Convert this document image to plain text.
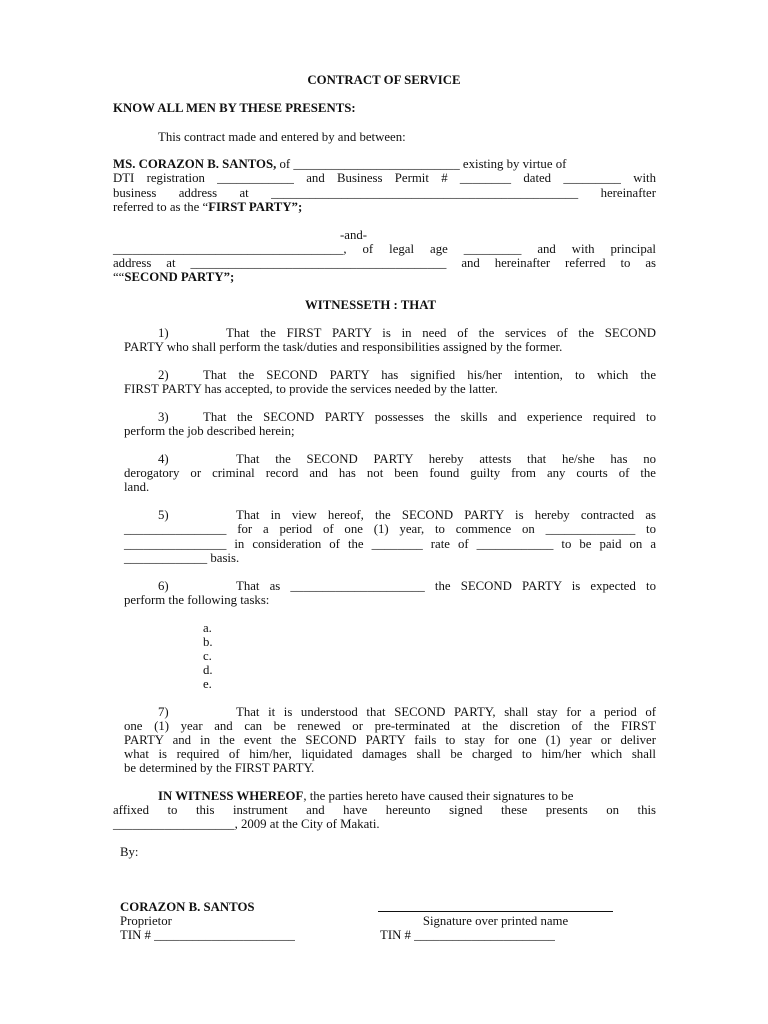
CONTRACT OF SERVICE
KNOW ALL MEN BY THESE PRESENTS:
This contract made and entered by and between:
MS. CORAZON B. SANTOS, of __________________________ existing by virtue of
DTI registration ____________ and Business Permit # ________ dated _________ with
business address at ________________________________________________ hereinafter
referred to as the “FIRST PARTY”;
-and-
____________________________________, of legal age _________ and with principal
address at ________________________________________ and hereinafter referred to as
““SECOND PARTY”;
WITNESSETH : THAT
1)	That the FIRST PARTY is in need of the services of the SECOND
PARTY who shall perform the task/duties and responsibilities assigned by the former.
2)	That the SECOND PARTY has signified his/her intention, to which the
FIRST PARTY has accepted, to provide the services needed by the latter.
3)	That the SECOND PARTY possesses the skills and experience required to
perform the job described herein;
4)	That the SECOND PARTY hereby attests that he/she has no
derogatory or criminal record and has not been found guilty from any courts of the
land.
5)	That in view hereof, the SECOND PARTY is hereby contracted as
________________ for a period of one (1) year, to commence on ______________ to
________________ in consideration of the ________ rate of ____________ to be paid on a
_____________ basis.
6)	That as _____________________ the SECOND PARTY is expected to
perform the following tasks:
a.
b.
c.
d.
e.
7)	That it is understood that SECOND PARTY, shall stay for a period of
one (1) year and can be renewed or pre-terminated at the discretion of the FIRST
PARTY and in the event the SECOND PARTY fails to stay for one (1) year or deliver
what is required of him/her, liquidated damages shall be charged to him/her which shall
be determined by the FIRST PARTY.
IN WITNESS WHEREOF, the parties hereto have caused their signatures to be
affixed to this instrument and have hereunto signed these presents on this
___________________, 2009 at the City of Makati.
By:
CORAZON B. SANTOS
Proprietor
TIN # ______________________
Signature over printed name
TIN # ______________________
